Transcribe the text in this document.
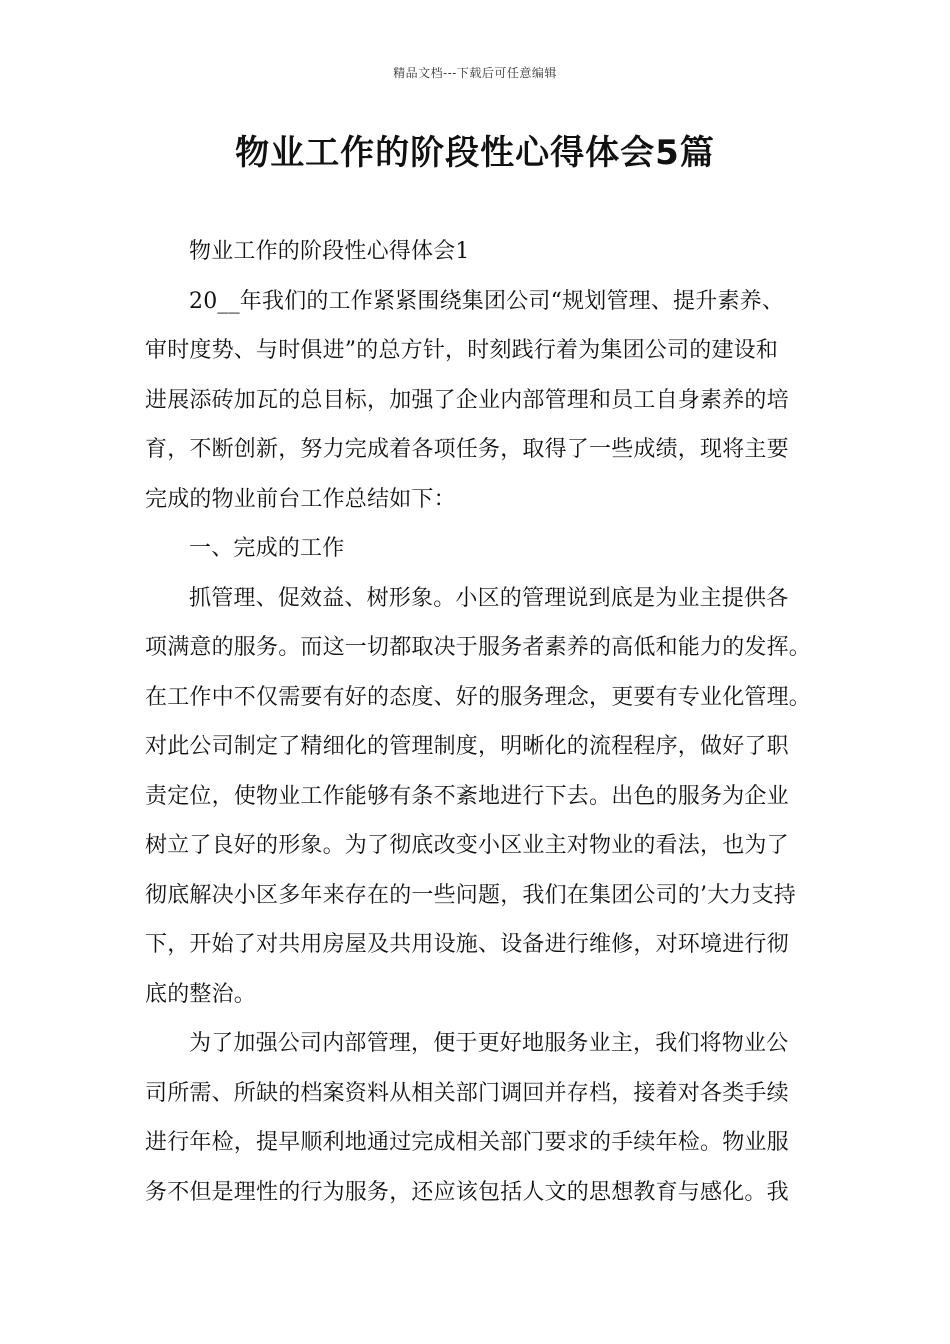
精品文档---下载后可任意编辑
物业工作的阶段性心得体会5篇

物业工作的阶段性心得体会1

20__年我们的工作紧紧围绕集团公司“规划管理、提升素养、
审时度势、与时俱进”的总方针，时刻践行着为集团公司的建设和
进展添砖加瓦的总目标，加强了企业内部管理和员工自身素养的培
育，不断创新，努力完成着各项任务，取得了一些成绩，现将主要
完成的物业前台工作总结如下：

一、完成的工作

抓管理、促效益、树形象。小区的管理说到底是为业主提供各
项满意的服务。而这一切都取决于服务者素养的高低和能力的发挥。
在工作中不仅需要有好的态度、好的服务理念，更要有专业化管理。
对此公司制定了精细化的管理制度，明晰化的流程程序，做好了职
责定位，使物业工作能够有条不紊地进行下去。出色的服务为企业
树立了良好的形象。为了彻底改变小区业主对物业的看法，也为了
彻底解决小区多年来存在的一些问题，我们在集团公司的’大力支持
下，开始了对共用房屋及共用设施、设备进行维修，对环境进行彻
底的整治。

为了加强公司内部管理，便于更好地服务业主，我们将物业公
司所需、所缺的档案资料从相关部门调回并存档，接着对各类手续
进行年检，提早顺利地通过完成相关部门要求的手续年检。物业服
务不但是理性的行为服务，还应该包括人文的思想教育与感化。我
